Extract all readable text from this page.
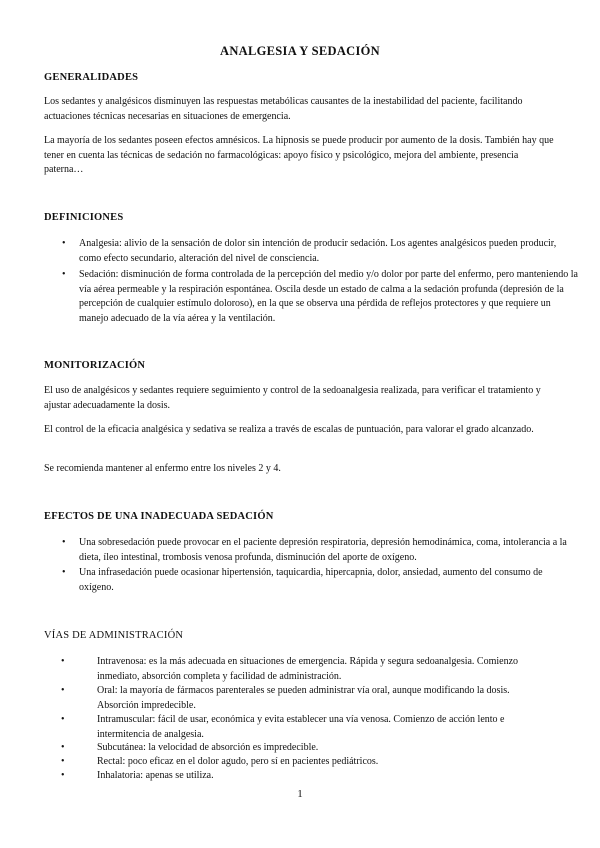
ANALGESIA Y SEDACIÓN
GENERALIDADES
Los sedantes y analgésicos disminuyen las respuestas metabólicas causantes de la inestabilidad del paciente, facilitando actuaciones técnicas necesarias en situaciones de emergencia.
La mayoría de los sedantes poseen efectos amnésicos. La hipnosis se puede producir por aumento de la dosis. También hay que tener en cuenta las técnicas de sedación no farmacológicas: apoyo físico y psicológico, mejora del ambiente, presencia paterna…
DEFINICIONES
• Analgesia: alivio de la sensación de dolor sin intención de producir sedación. Los agentes analgésicos pueden producir, como efecto secundario, alteración del nivel de consciencia.
• Sedación: disminución de forma controlada de la percepción del medio y/o dolor por parte del enfermo, pero manteniendo la vía aérea permeable y la respiración espontánea. Oscila desde un estado de calma a la sedación profunda (depresión de la percepción de cualquier estímulo doloroso), en la que se observa una pérdida de reflejos protectores y que requiere un manejo adecuado de la vía aérea y la ventilación.
MONITORIZACIÓN
El uso de analgésicos y sedantes requiere seguimiento y control de la sedoanalgesia realizada, para verificar el tratamiento y ajustar adecuadamente la dosis.
El control de la eficacia analgésica y sedativa se realiza a través de escalas de puntuación, para valorar el grado alcanzado.
Se recomienda mantener al enfermo entre los niveles 2 y 4.
EFECTOS DE UNA INADECUADA SEDACIÓN
• Una sobresedación puede provocar en el paciente depresión respiratoria, depresión hemodinámica, coma, intolerancia a la dieta, íleo intestinal, trombosis venosa profunda, disminución del aporte de oxígeno.
• Una infrasedación puede ocasionar hipertensión, taquicardia, hipercapnia, dolor, ansiedad, aumento del consumo de oxígeno.
VÍAS DE ADMINISTRACIÓN
•	Intravenosa: es la más adecuada en situaciones de emergencia. Rápida y segura sedoanalgesia. Comienzo inmediato, absorción completa y facilidad de administración.
•	Oral: la mayoría de fármacos parenterales se pueden administrar vía oral, aunque modificando la dosis. Absorción impredecible.
•	Intramuscular: fácil de usar, económica y evita establecer una vía venosa. Comienzo de acción lento e intermitencia de analgesia.
•	Subcutánea: la velocidad de absorción es impredecible.
•	Rectal: poco eficaz en el dolor agudo, pero sí en pacientes pediátricos.
•	Inhalatoria: apenas se utiliza.
1
